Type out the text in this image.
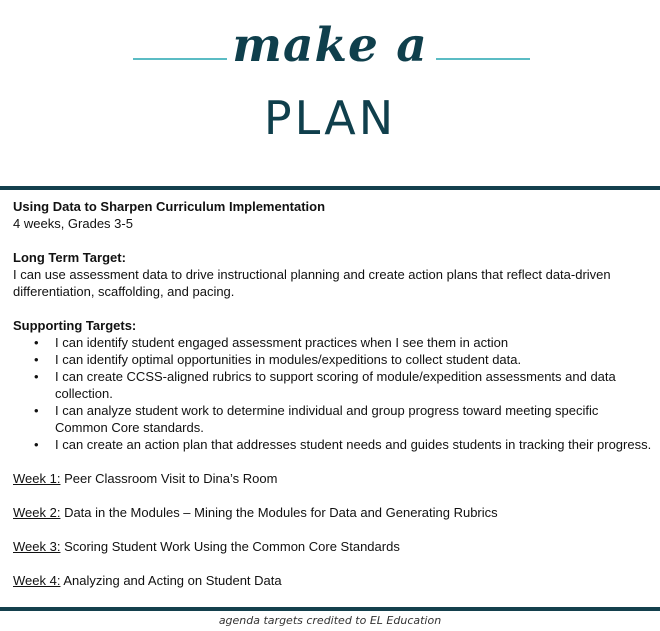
make a
PLAN

Using Data to Sharpen Curriculum Implementation

4 weeks, Grades 3-5

Long Term Target:

I can use assessment data to drive instructional planning and create action plans that reflect data-driven differentiation, scaffolding, and pacing.

Supporting Targets:

• I can identify student engaged assessment practices when I see them in action
• I can identify optimal opportunities in modules/expeditions to collect student data.
• I can create CCSS-aligned rubrics to support scoring of module/expedition assessments and data collection.
• I can analyze student work to determine individual and group progress toward meeting specific Common Core standards.
• I can create an action plan that addresses student needs and guides students in tracking their progress.

Week 1: Peer Classroom Visit to Dina’s Room

Week 2: Data in the Modules – Mining the Modules for Data and Generating Rubrics

Week 3: Scoring Student Work Using the Common Core Standards

Week 4: Analyzing and Acting on Student Data

agenda targets credited to EL Education
